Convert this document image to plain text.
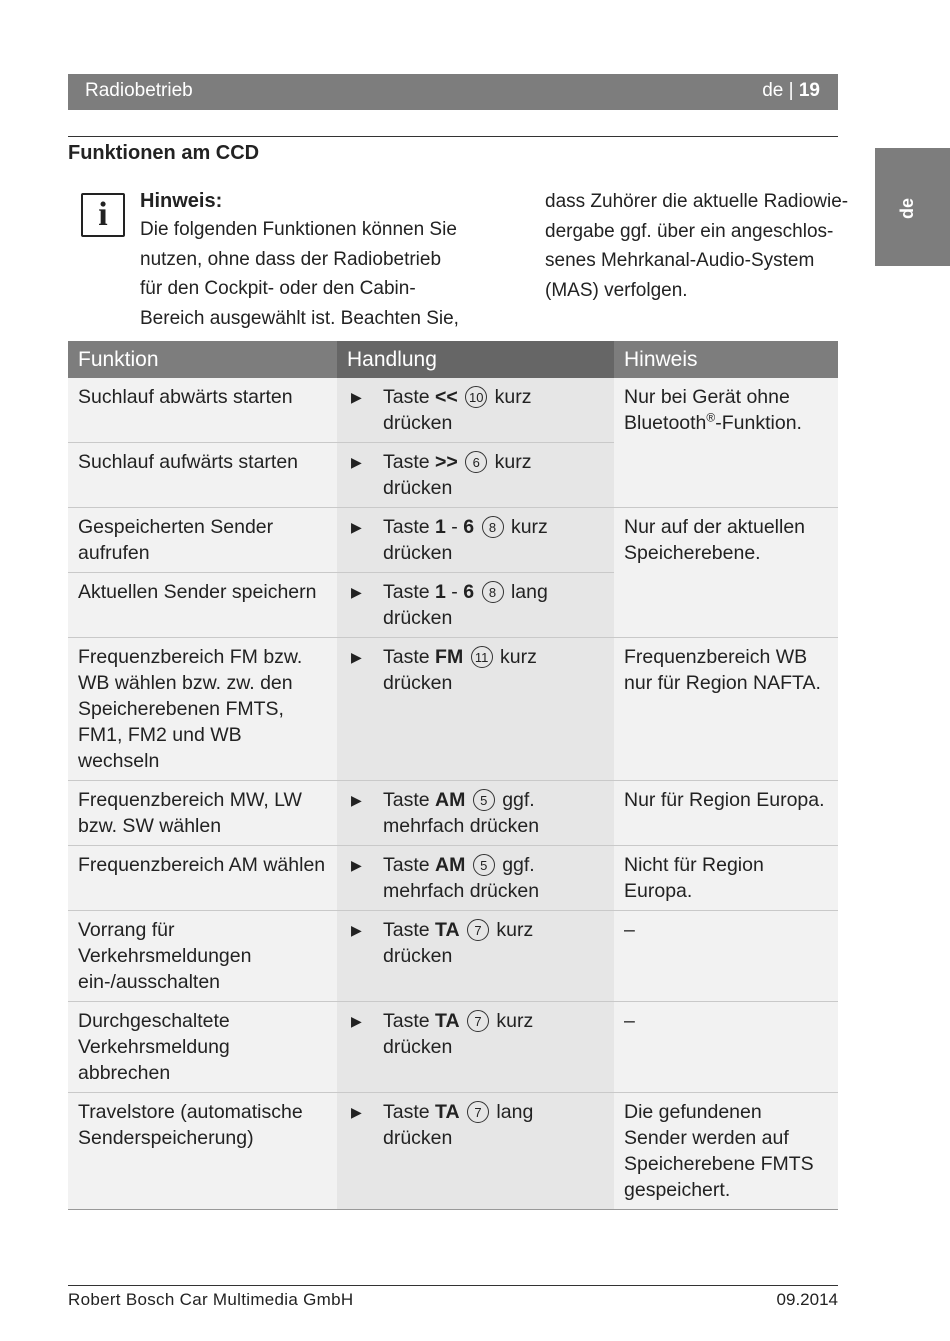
Radiobetrieb	de | 19
de
Funktionen am CCD
i	Hinweis:
Die folgenden Funktionen können Sie
nutzen, ohne dass der Radiobetrieb
für den Cockpit- oder den Cabin-
Bereich ausgewählt ist. Beachten Sie,
dass Zuhörer die aktuelle Radiowie-
dergabe ggf. über ein angeschlos-
senes Mehrkanal-Audio-System
(MAS) verfolgen.
Funktion	Handlung	Hinweis
Suchlauf abwärts starten	▶ Taste << 10 kurz drücken	Nur bei Gerät ohne Bluetooth®-Funktion.
Suchlauf aufwärts starten	▶ Taste >> 6 kurz drücken	

Gespeicherten Sender aufrufen	▶ Taste 1 - 6 8 kurz drücken	Nur auf der aktuellen Speicherebene.
Aktuellen Sender speichern	▶ Taste 1 - 6 8 lang drücken	

Frequenzbereich FM bzw. WB wählen bzw. zw. den Speicherebenen FMTS, FM1, FM2 und WB wechseln	▶ Taste FM 11 kurz drücken	Frequenzbereich WB nur für Region NAFTA.
Frequenzbereich MW, LW bzw. SW wählen	▶ Taste AM 5 ggf. mehrfach drücken	Nur für Region Europa.
Frequenzbereich AM wählen	▶ Taste AM 5 ggf. mehrfach drücken	Nicht für Region Europa.
Vorrang für Verkehrsmeldungen ein-/ausschalten	▶ Taste TA 7 kurz drücken	–
Durchgeschaltete Verkehrsmeldung abbrechen	▶ Taste TA 7 kurz drücken	–
Travelstore (automatische Senderspeicherung)	▶ Taste TA 7 lang drücken	Die gefundenen Sender werden auf Speicherebene FMTS gespeichert.
Robert Bosch Car Multimedia GmbH	09.2014
